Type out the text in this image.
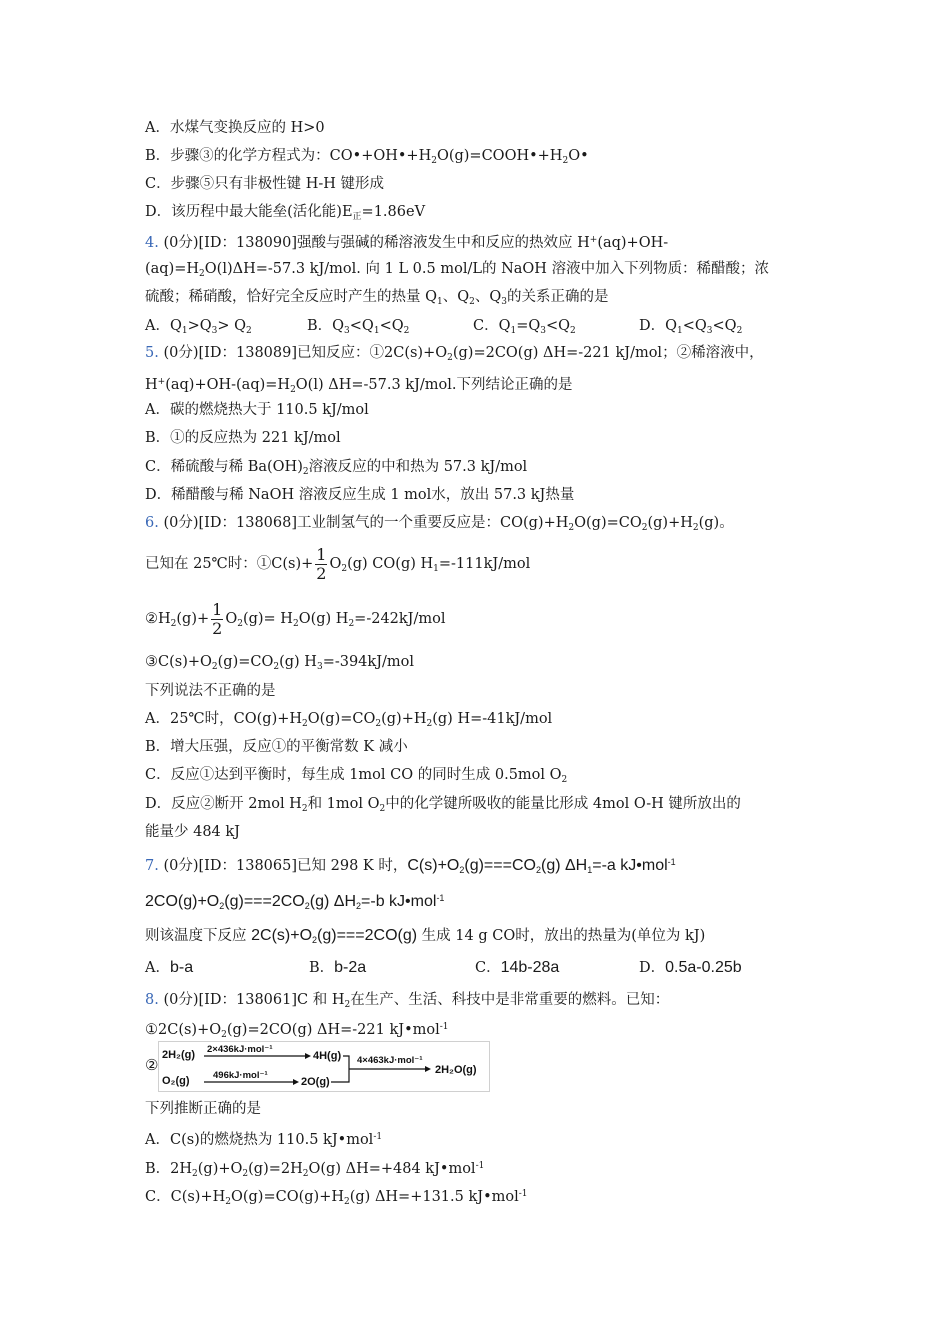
A．水煤气变换反应的 H>0
B．步骤③的化学方程式为：$CO•+OH•+H_2O(g)=COOH•+H_2O•$
C．步骤⑤只有非极性键 H-H 键形成
D．该历程中最大能垒(活化能)$E_正=1.86eV$
4. (0分)[ID：138090]强酸与强碱的稀溶液发生中和反应的热效应 H+(aq)+OH-
$(aq)=H_2O(l)\Delta H=-57.3$ kJ/mol. 向 1 L 0.5 mol/L的 NaOH 溶液中加入下列物质：稀醋酸；浓
硫酸；稀硝酸，恰好完全反应时产生的热量 $Q_1$、$Q_2$、$Q_3$的关系正确的是
A．$Q_1>Q_3> Q_2$	B．$Q_3<Q_1<Q_2$	C．$Q_1=Q_3<Q_2$	D．$Q_1<Q_3<Q_2$
5. (0分)[ID：138089]已知反应：$①2C(s)+O_2(g)=2CO(g)$ ΔH=-221 kJ/mol；②稀溶液中，
$H^+(aq)+OH-(aq)=H_2O(l)$ ΔH=-57.3 kJ/mol.下列结论正确的是
A．碳的燃烧热大于 110.5 kJ/mol
B．①的反应热为 221 kJ/mol
C．稀硫酸与稀 $Ba(OH)_2$溶液反应的中和热为 57.3 kJ/mol
D．稀醋酸与稀 NaOH 溶液反应生成 1 mol水，放出 57.3 kJ热量
6. (0分)[ID：138068]工业制氢气的一个重要反应是：$CO(g)+H_2O(g)=CO_2(g)+H_2(g)$。
已知在 25℃时：①C(s)+ $\frac{1}{2} O_2(g)$ CO(g) $H_1=-111kJ$/mol
$②H_2(g)+ \frac{1}{2} O_2(g)= H_2O(g)$ $H_2=-242kJ$/mol
$③C(s)+O_2(g)=CO_2(g)$ $H_3=-394kJ$/mol
下列说法不正确的是
A．25℃时，$CO(g)+H_2O(g)=CO_2(g)+H_2(g)$ H=-41kJ/mol
B．增大压强，反应①的平衡常数 K 减小
C．反应①达到平衡时，每生成 1mol CO 的同时生成 0.5mol $O_2$
D．反应②断开 2mol $H_2$和 1mol $O_2$中的化学键所吸收的能量比形成 4mol O-H 键所放出的
能量少 484 kJ
7. (0分)[ID：138065]已知 298 K 时，$C(s)+O_2(g)===CO_2(g)$ $\Delta H_1=-a$ kJ•mol$^{-1}$
$2CO(g)+O_2(g)===2CO_2(g)$ $\Delta H_2=-b$ kJ•mol$^{-1}$
则该温度下反应 $2C(s)+O_2(g)===2CO(g)$ 生成 14 g CO时，放出的热量为(单位为 kJ)
A．b-a	B．b-2a	C．14b-28a	D．0.5a-0.25b
8. (0分)[ID：138061]C 和 $H_2$在生产、生活、科技中是非常重要的燃料。已知：
$①2C(s)+O_2(g)=2CO(g)$ ΔH=-221 kJ•mol$^{-1}$
②
2H₂(g) 2×436kJ·mol⁻¹
4H(g)
O₂(g) 496kJ·mol⁻¹
2O(g)
4×463kJ·mol⁻¹
2H₂O(g)
下列推断正确的是
A．C(s)的燃烧热为 110.5 kJ•mol$^{-1}$
B．$2H_2(g)+O_2(g)=2H_2O(g)$ ΔH=+484 kJ•mol$^{-1}$
C．$C(s)+H_2O(g)=CO(g)+H_2(g)$ ΔH=+131.5 kJ•mol$^{-1}$
